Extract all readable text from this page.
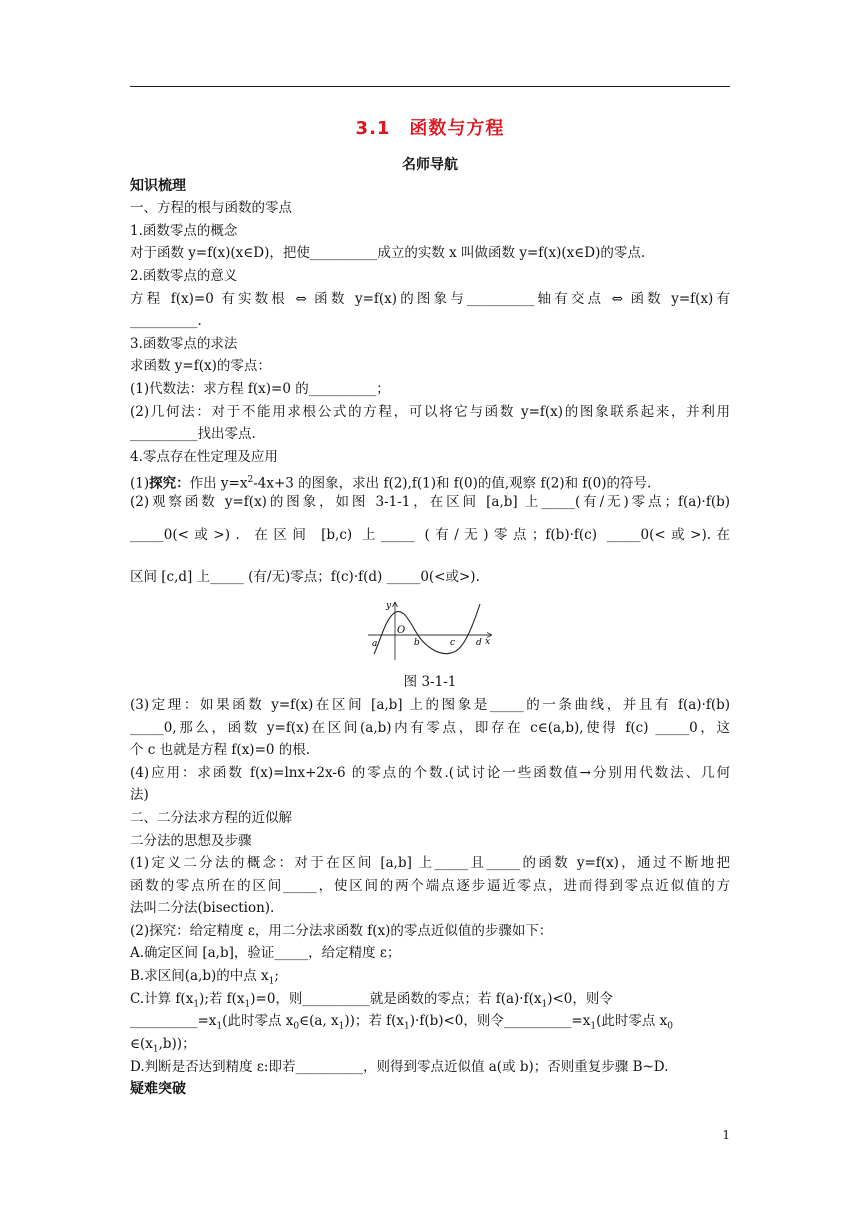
3.1　函数与方程
名师导航
知识梳理
一、方程的根与函数的零点
1.函数零点的概念
对于函数 y=f(x)(x∈D)，把使__________成立的实数 x 叫做函数 y=f(x)(x∈D)的零点.
2.函数零点的意义
方程 f(x)=0 有实数根 ⇔ 函数 y=f(x)的图象与__________轴有交点 ⇔ 函数 y=f(x)有
__________.
3.函数零点的求法
求函数 y=f(x)的零点：
(1)代数法：求方程 f(x)=0 的__________；
(2)几何法：对于不能用求根公式的方程，可以将它与函数 y=f(x)的图象联系起来，并利用
__________找出零点.
4.零点存在性定理及应用
(1)探究：作出 $y=x^2-4x+3$ 的图象，求出 f(2),f(1)和 f(0)的值,观察 f(2)和 f(0)的符号.
(2)观察函数 y=f(x)的图象，如图 3-1-1，在区间 [a,b] 上_____(有/无)零点；f(a)·f(b)
_____0(<或>)．在区间 [b,c) 上_____ (有/无)零点；f(b)·f(c) _____0(<或>).在
区间 [c,d] 上_____ (有/无)零点；f(c)·f(d) _____0(<或>).
y
O
x
a	b	c d
图 3-1-1
(3)定理：如果函数 y=f(x)在区间 [a,b] 上的图象是_____的一条曲线，并且有 f(a)·f(b)
_____0,那么，函数 y=f(x)在区间(a,b)内有零点，即存在 c∈(a,b),使得 f(c) _____0，这
个 c 也就是方程 f(x)=0 的根.
(4)应用：求函数 f(x)=lnx+2x-6 的零点的个数.(试讨论一些函数值→分别用代数法、几何
法)
二、二分法求方程的近似解
二分法的思想及步骤
(1)定义二分法的概念：对于在区间 [a,b] 上_____且_____的函数 y=f(x)，通过不断地把
函数的零点所在的区间_____，使区间的两个端点逐步逼近零点，进而得到零点近似值的方
法叫二分法(bisection).
(2)探究：给定精度 ε，用二分法求函数 f(x)的零点近似值的步骤如下：
A.确定区间 [a,b]，验证_____，给定精度 ε；
B.求区间(a,b)的中点 $x_1$;
C.计算 $f(x_1)$;若 $f(x_1)=0$，则__________就是函数的零点；若 $f(a)\cdot f(x_1)<0$，则令
$\_\_\_\_\_\_\_\_\_\_=x_1$(此时零点 $x_0\in(a$, $x_1$))；若 $f(x_1)\cdot f(b)<0$，则令$\_\_\_\_\_\_\_\_\_\_=x_1$(此时零点 $x_0$
$\in(x_1,b)$)；
D.判断是否达到精度 ε:即若__________，则得到零点近似值 a(或 b)；否则重复步骤 B~D.
疑难突破
1
